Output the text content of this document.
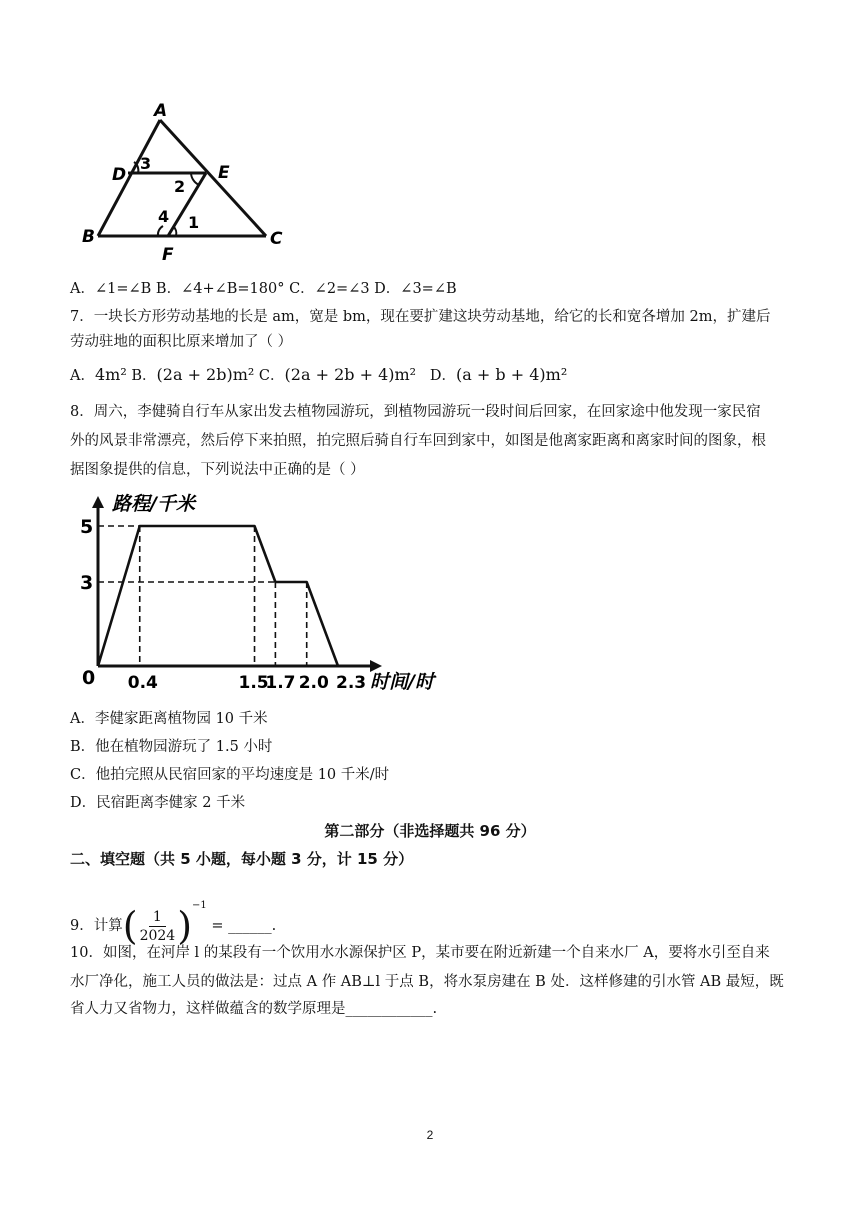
A
D	E
B	C
F
3
2
4 1
A．∠1=∠B B．∠4+∠B=180° C．∠2=∠3 D．∠3=∠B
7．一块长方形劳动基地的长是 am，宽是 bm，现在要扩建这块劳动基地，给它的长和宽各增加 2m，扩建后
劳动驻地的面积比原来增加了（ ）
A．4m² B．(2a + 2b)m² C．(2a + 2b + 4)m² D．(a + b + 4)m²
8．周六，李健骑自行车从家出发去植物园游玩，到植物园游玩一段时间后回家，在回家途中他发现一家民宿
外的风景非常漂亮，然后停下来拍照，拍完照后骑自行车回到家中，如图是他离家距离和离家时间的图象，根
据图象提供的信息，下列说法中正确的是（ ）
0.4	1.5
1.7 2.0 2.3
3
5
路程/千米
时间/时
0
A．李健家距离植物园 10 千米
B．他在植物园游玩了 1.5 小时
C．他拍完照从民宿回家的平均速度是 10 千米/时
D．民宿距离李健家 2 千米
第二部分（非选择题共 96 分）
二、填空题（共 5 小题，每小题 3 分，计 15 分）
9．计算( $\frac{1}{2024} )^{-1}$ = ______.
10．如图，在河岸 l 的某段有一个饮用水水源保护区 P，某市要在附近新建一个自来水厂 A，要将水引至自来
水厂净化，施工人员的做法是：过点 A 作 AB⊥l 于点 B，将水泵房建在 B 处．这样修建的引水管 AB 最短，既
省人力又省物力，这样做蕴含的数学原理是____________.
2
